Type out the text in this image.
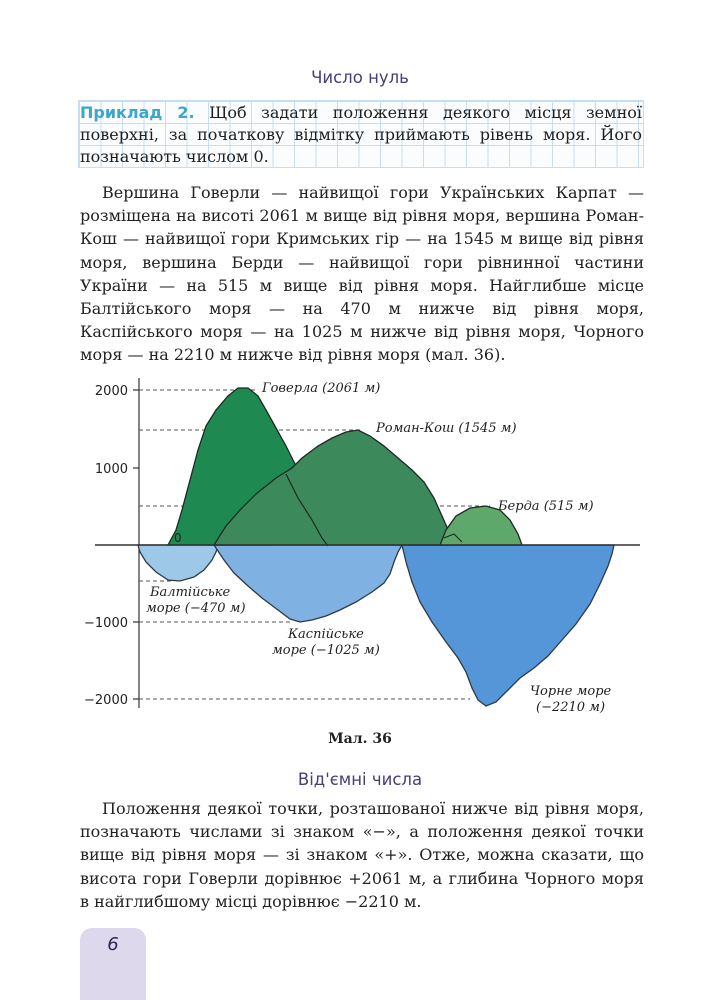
Число нуль
Приклад 2. Щоб задати положення деякого місця земної поверхні, за початкову відмітку приймають рівень моря. Його позначають числом 0.

Вершина Говерли — найвищої гори Українських Карпат — розміщена на висоті 2061 м вище від рівня моря, вершина Роман-Кош — найвищої гори Кримських гір — на 1545 м вище від рівня моря, вершина Берди — найвищої гори рівнинної частини України — на 515 м вище від рівня моря. Найглибше місце Балтійського моря — на 470 м нижче від рівня моря, Каспійського моря — на 1025 м нижче від рівня моря, Чорного моря — на 2210 м нижче від рівня моря (мал. 36).

2000
1000
−1000
−2000
0
Говерла (2061 м)
Роман-Кош (1545 м)
Берда (515 м)
Балтійське
море (−470 м)
Каспійське
море (−1025 м)
Чорне море
(−2210 м)
Мал. 36
Від'ємні числа

Положення деякої точки, розташованої нижче від рівня моря, позначають числами зі знаком «−», а положення деякої точки вище від рівня моря — зі знаком «+». Отже, можна сказати, що висота гори Говерли дорівнює +2061 м, а глибина Чорного моря в найглибшому місці дорівнює −2210 м.

6
